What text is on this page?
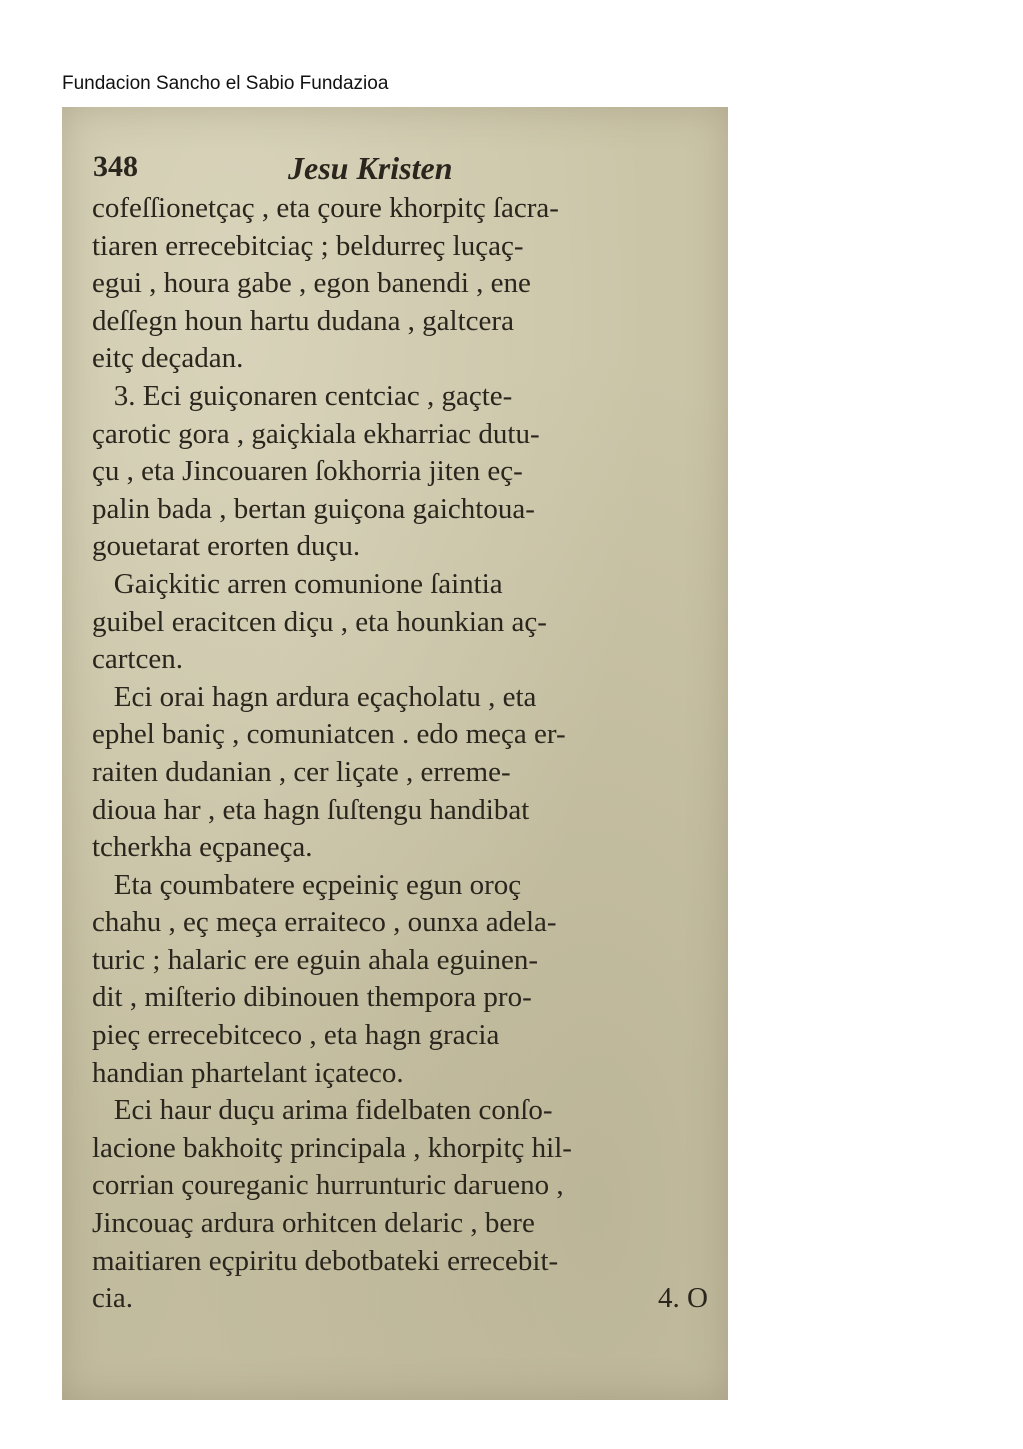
Fundacion Sancho el Sabio Fundazioa
348	Jesu Kristen
cofeſſionetçaç , eta çoure khorpitç ſacra-
tiaren errecebitciaç ; beldurreç luçaç-
egui , houra gabe , egon banendi , ene
deſſegn houn hartu dudana , galtcera
eitç deçadan.
3. Eci guiçonaren centciac , gaçte-
çarotic gora , gaiçkiala ekharriac dutu-
çu , eta Jincouaren ſokhorria jiten eç-
palin bada , bertan guiçona gaichtoua-
gouetarat erorten duçu.
Gaiçkitic arren comunione ſaintia
guibel eracitcen diçu , eta hounkian aç-
cartcen.
Eci orai hagn ardura eçaçholatu , eta
ephel baniç , comuniatcen . edo meça er-
raiten dudanian , cer liçate , erreme-
dioua har , eta hagn ſuſtengu handibat
tcherkha eçpaneça.
Eta çoumbatere eçpeiniç egun oroç
chahu , eç meça erraiteco , ounxa adela-
turic ; halaric ere eguin ahala eguinen-
dit , miſterio dibinouen themporа pro-
pieç errecebitceco , eta hagn gracia
handian phartelant içateco.
Eci haur duçu arima fidelbaten conſo-
lacione bakhoitç principala , khorpitç hil-
corrian çoureganic hurrunturic daгueno ,
Jincouaç ardura orhitcen delaric , bere
maitiaren eçpiritu debotbateki errecebit-
cia.	4. O
